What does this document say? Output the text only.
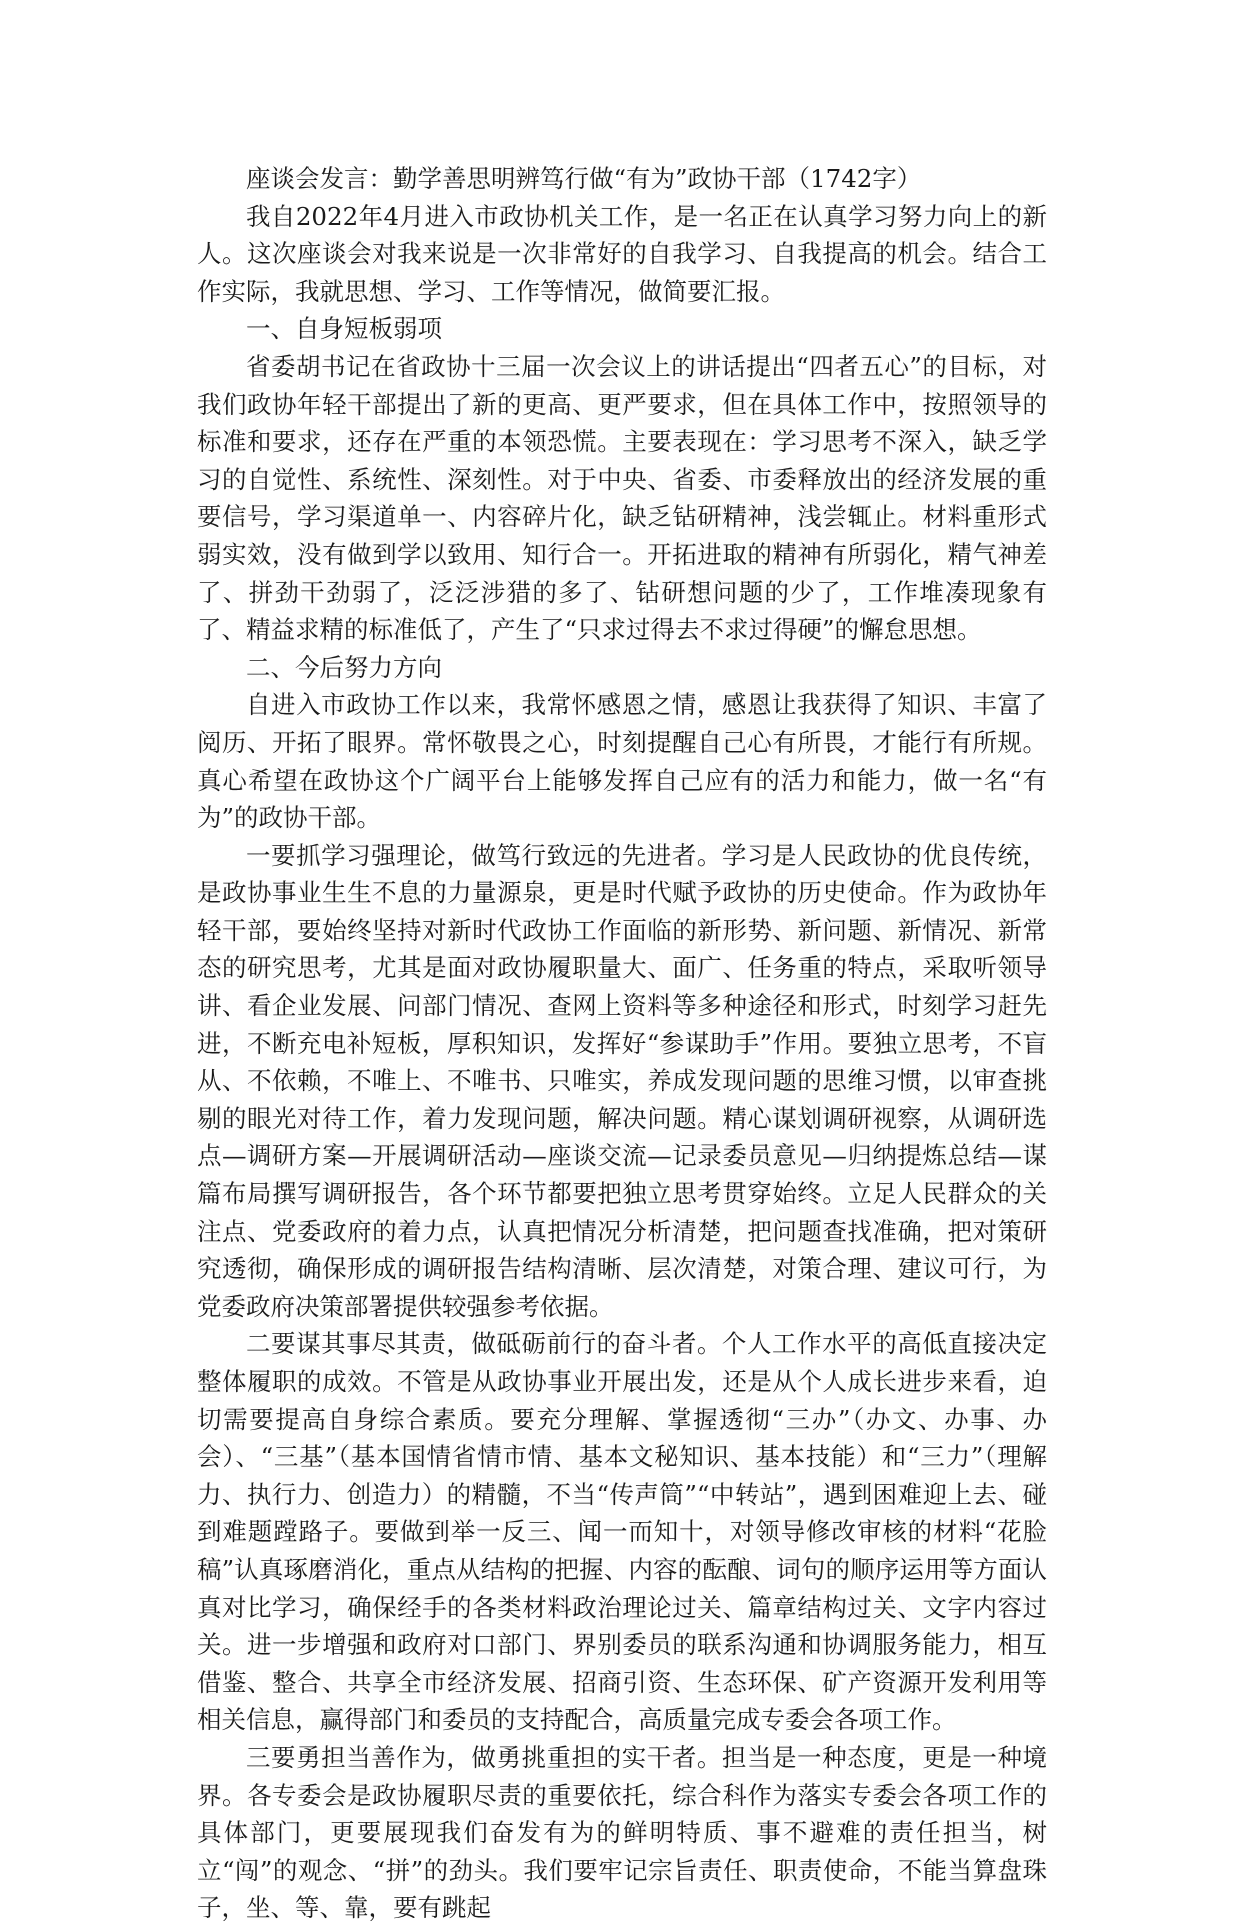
座谈会发言：勤学善思明辨笃行做“有为”政协干部（1742字）

我自2022年4月进入市政协机关工作，是一名正在认真学习努力向上的新人。这次座谈会对我来说是一次非常好的自我学习、自我提高的机会。结合工作实际，我就思想、学习、工作等情况，做简要汇报。

一、自身短板弱项

省委胡书记在省政协十三届一次会议上的讲话提出“四者五心”的目标，对我们政协年轻干部提出了新的更高、更严要求，但在具体工作中，按照领导的标准和要求，还存在严重的本领恐慌。主要表现在：学习思考不深入，缺乏学习的自觉性、系统性、深刻性。对于中央、省委、市委释放出的经济发展的重要信号，学习渠道单一、内容碎片化，缺乏钻研精神，浅尝辄止。材料重形式弱实效，没有做到学以致用、知行合一。开拓进取的精神有所弱化，精气神差了、拼劲干劲弱了，泛泛涉猎的多了、钻研想问题的少了，工作堆凑现象有了、精益求精的标准低了，产生了“只求过得去不求过得硬”的懈怠思想。

二、今后努力方向

自进入市政协工作以来，我常怀感恩之情，感恩让我获得了知识、丰富了阅历、开拓了眼界。常怀敬畏之心，时刻提醒自己心有所畏，才能行有所规。真心希望在政协这个广阔平台上能够发挥自己应有的活力和能力，做一名“有为”的政协干部。

一要抓学习强理论，做笃行致远的先进者。学习是人民政协的优良传统，是政协事业生生不息的力量源泉，更是时代赋予政协的历史使命。作为政协年轻干部，要始终坚持对新时代政协工作面临的新形势、新问题、新情况、新常态的研究思考，尤其是面对政协履职量大、面广、任务重的特点，采取听领导讲、看企业发展、问部门情况、查网上资料等多种途径和形式，时刻学习赶先进，不断充电补短板，厚积知识，发挥好“参谋助手”作用。要独立思考，不盲从、不依赖，不唯上、不唯书、只唯实，养成发现问题的思维习惯，以审查挑剔的眼光对待工作，着力发现问题，解决问题。精心谋划调研视察，从调研选点—调研方案—开展调研活动—座谈交流—记录委员意见—归纳提炼总结—谋篇布局撰写调研报告，各个环节都要把独立思考贯穿始终。立足人民群众的关注点、党委政府的着力点，认真把情况分析清楚，把问题查找准确，把对策研究透彻，确保形成的调研报告结构清晰、层次清楚，对策合理、建议可行，为党委政府决策部署提供较强参考依据。

二要谋其事尽其责，做砥砺前行的奋斗者。个人工作水平的高低直接决定整体履职的成效。不管是从政协事业开展出发，还是从个人成长进步来看，迫切需要提高自身综合素质。要充分理解、掌握透彻“三办”（办文、办事、办会）、“三基”（基本国情省情市情、基本文秘知识、基本技能）和“三力”（理解力、执行力、创造力）的精髓，不当“传声筒”“中转站”，遇到困难迎上去、碰到难题蹚路子。要做到举一反三、闻一而知十，对领导修改审核的材料“花脸稿”认真琢磨消化，重点从结构的把握、内容的酝酿、词句的顺序运用等方面认真对比学习，确保经手的各类材料政治理论过关、篇章结构过关、文字内容过关。进一步增强和政府对口部门、界别委员的联系沟通和协调服务能力，相互借鉴、整合、共享全市经济发展、招商引资、生态环保、矿产资源开发利用等相关信息，赢得部门和委员的支持配合，高质量完成专委会各项工作。

三要勇担当善作为，做勇挑重担的实干者。担当是一种态度，更是一种境界。各专委会是政协履职尽责的重要依托，综合科作为落实专委会各项工作的具体部门，更要展现我们奋发有为的鲜明特质、事不避难的责任担当，树立“闯”的观念、“拼”的劲头。我们要牢记宗旨责任、职责使命，不能当算盘珠子，坐、等、靠，要有跳起
